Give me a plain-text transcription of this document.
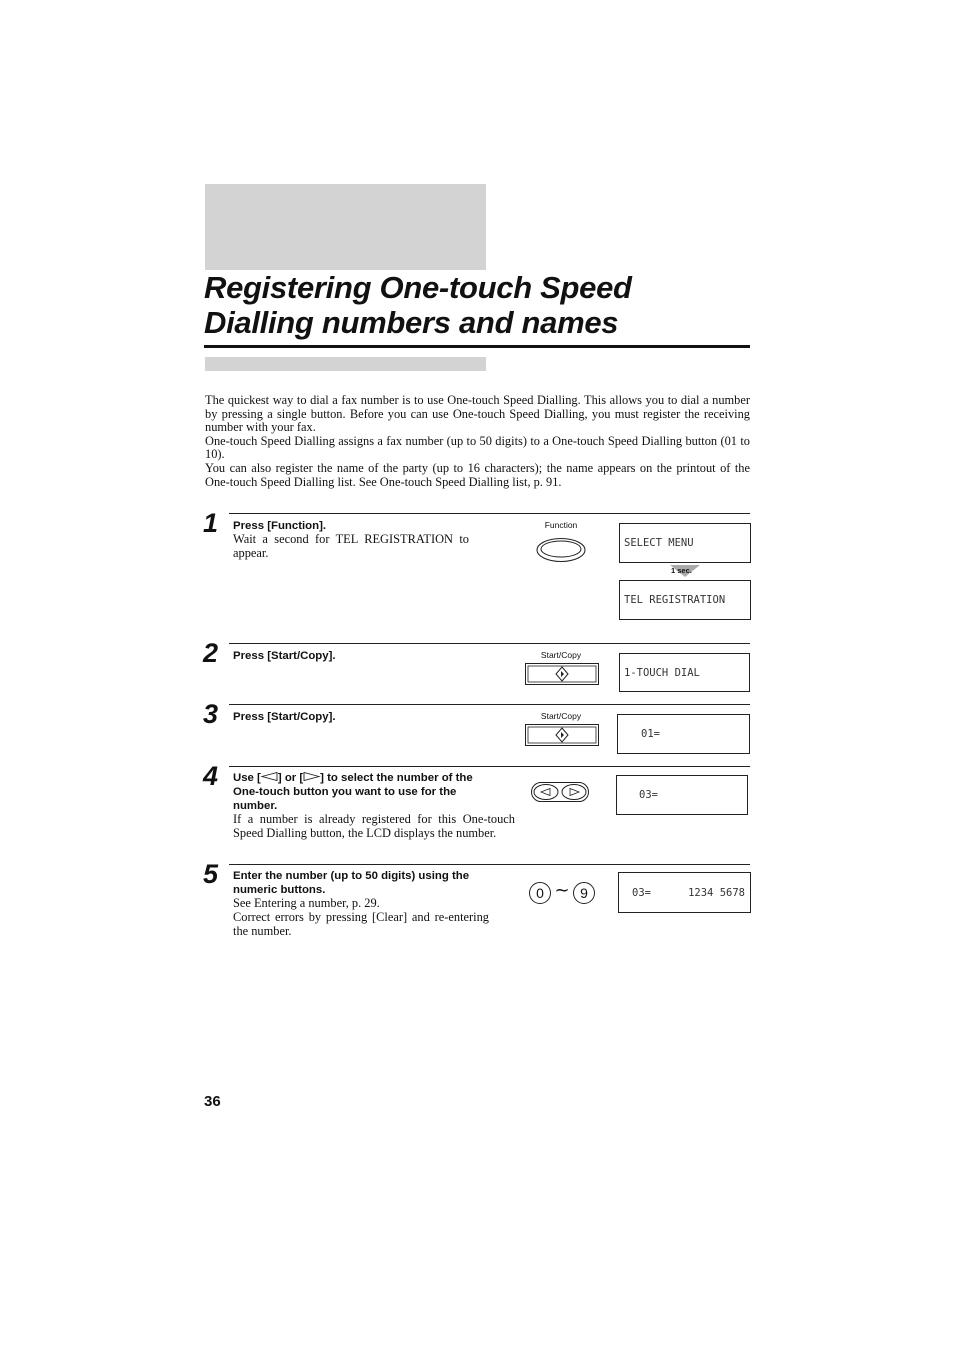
Registering One-touch Speed
Dialling numbers and names

The quickest way to dial a fax number is to use One-touch Speed Dialling. This allows you to dial a number by pressing a single button. Before you can use One-touch Speed Dialling, you must register the receiving number with your fax.

One-touch Speed Dialling assigns a fax number (up to 50 digits) to a One-touch Speed Dialling button (01 to 10).

You can also register the name of the party (up to 16 characters); the name appears on the printout of the One-touch Speed Dialling list. See One-touch Speed Dialling list, p. 91.

1 Press [Function].
Wait a second for TEL REGISTRATION to appear.
Function

SELECT MENU

1 sec.

TEL REGISTRATION

2 Press [Start/Copy].	Start/Copy

1-TOUCH DIAL

3 Press [Start/Copy].	Start/Copy

01=

4 Use [ ] or [ ] to select the number of the One-touch button you want to use for the number.
If a number is already registered for this One-touch Speed Dialling button, the LCD displays the number.

03=

5 Enter the number (up to 50 digits) using the numeric buttons.
See Entering a number, p. 29.
Correct errors by pressing [Clear] and re-entering the number.
0 ~ 9

	03=

	1234 5678

36
